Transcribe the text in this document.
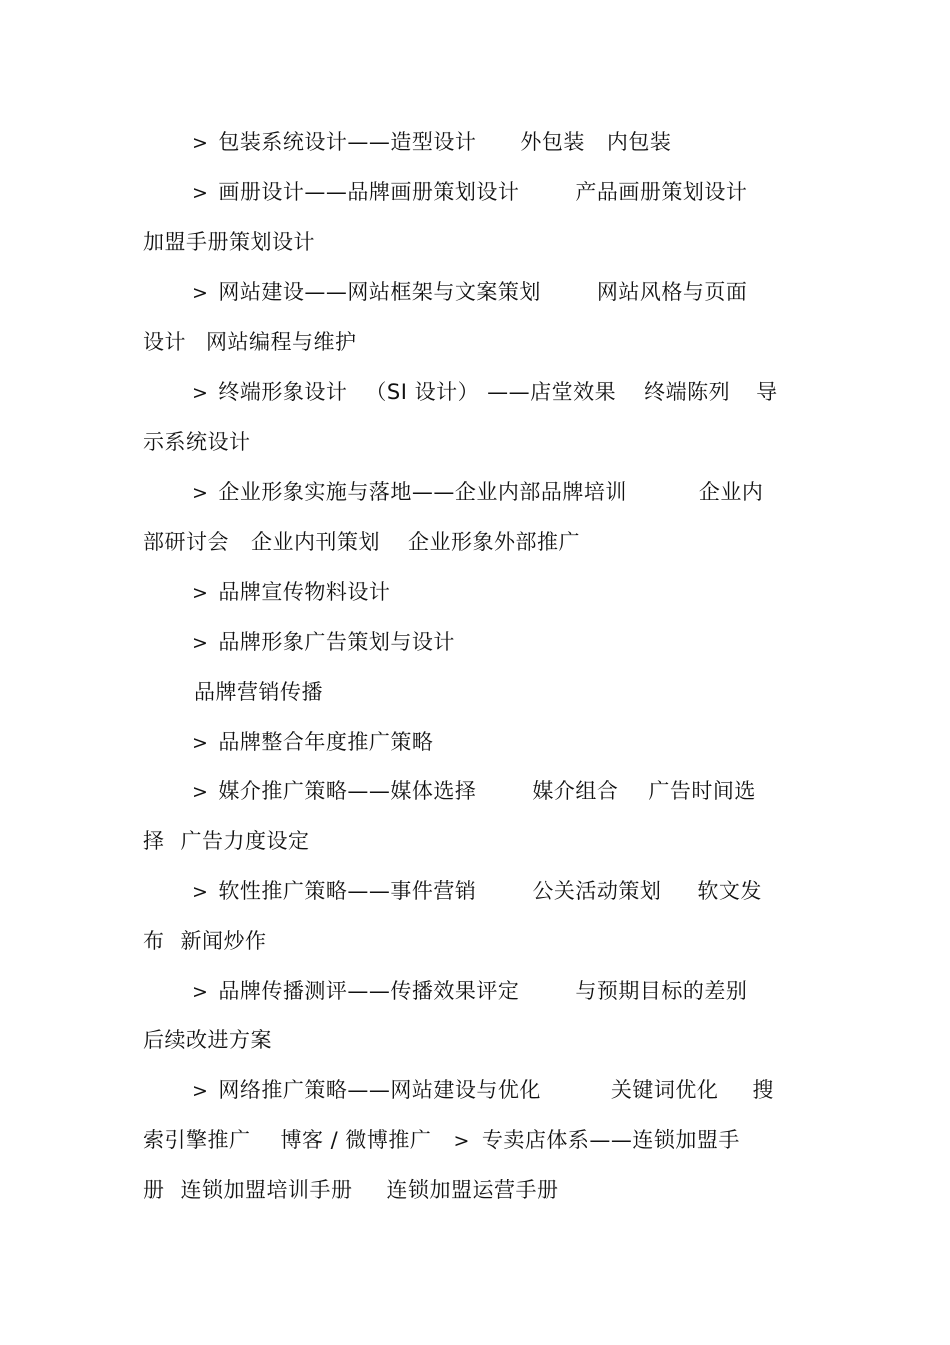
> 包装系统设计——造型设计 外包装 内包装
> 画册设计——品牌画册策划设计	产品画册策划设计
加盟手册策划设计
> 网站建设——网站框架与文案策划	网站风格与页面
设计 网站编程与维护
> 终端形象设计 （SI 设计） ——店堂效果 终端陈列 导
示系统设计
> 企业形象实施与落地——企业内部品牌培训	企业内
部研讨会 企业内刊策划 企业形象外部推广
> 品牌宣传物料设计
> 品牌形象广告策划与设计
品牌营销传播
> 品牌整合年度推广策略
> 媒介推广策略——媒体选择	媒介组合 广告时间选
择 广告力度设定
> 软性推广策略——事件营销	公关活动策划 软文发
布 新闻炒作
> 品牌传播测评——传播效果评定	与预期目标的差别
后续改进方案
> 网络推广策略——网站建设与优化	关键词优化 搜
索引擎推广 博客 / 微博推广 > 专卖店体系——连锁加盟手
册 连锁加盟培训手册 连锁加盟运营手册
